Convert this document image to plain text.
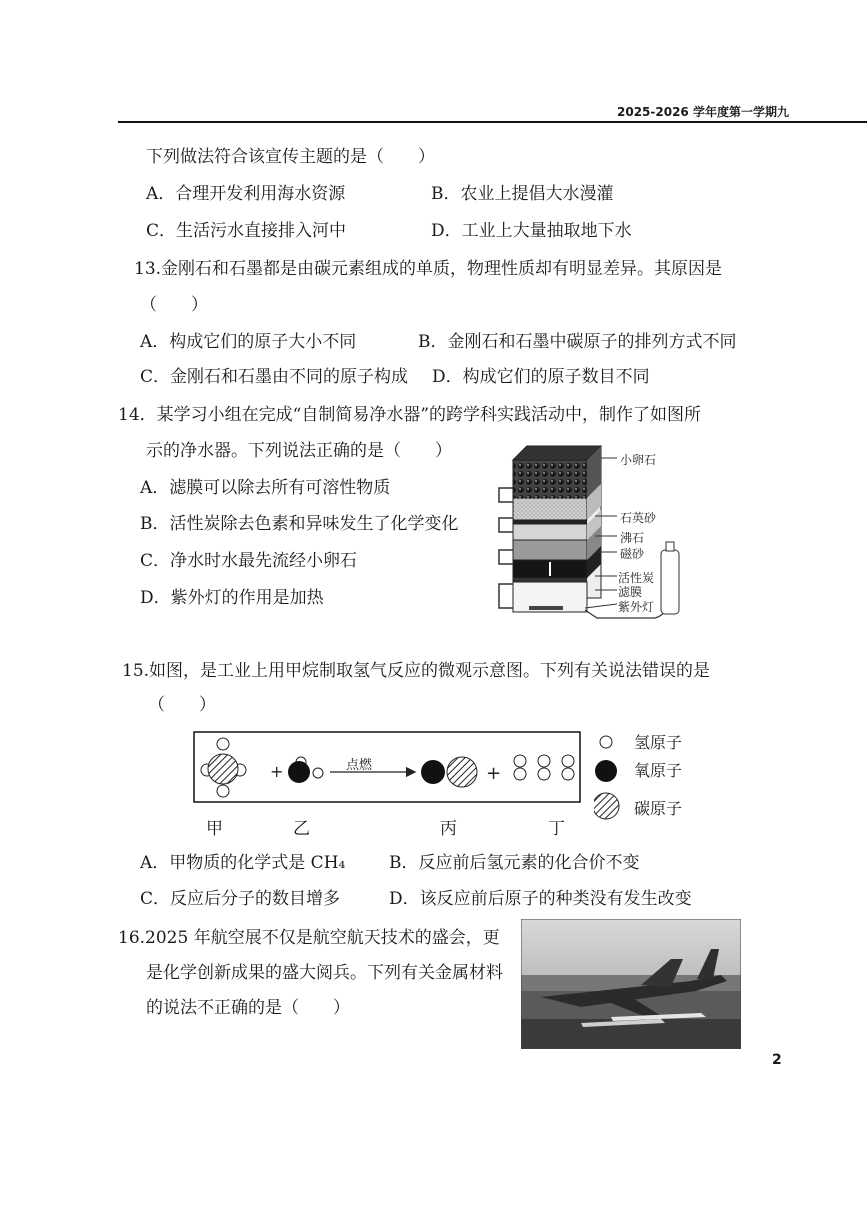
2025-2026 学年度第一学期九
下列做法符合该宣传主题的是（　　）
A．合理开发利用海水资源	B．农业上提倡大水漫灌
C．生活污水直接排入河中	D．工业上大量抽取地下水
13.金刚石和石墨都是由碳元素组成的单质，物理性质却有明显差异。其原因是
（　　）
A．构成它们的原子大小不同	B．金刚石和石墨中碳原子的排列方式不同
C．金刚石和石墨由不同的原子构成 D．构成它们的原子数目不同
14．某学习小组在完成“自制简易净水器”的跨学科实践活动中，制作了如图所
示的净水器。下列说法正确的是（　　）
A．滤膜可以除去所有可溶性物质
B．活性炭除去色素和异味发生了化学变化
C．净水时水最先流经小卵石
D．紫外灯的作用是加热
小卵石
石英砂
沸石
磁砂
活性炭
滤膜
紫外灯
15.如图，是工业上用甲烷制取氢气反应的微观示意图。下列有关说法错误的是
（　　）
+	+
点燃
甲	乙	丙	丁
氢原子
氧原子
碳原子
A．甲物质的化学式是 CH₄	B．反应前后氢元素的化合价不变
C．反应后分子的数目增多	D．该反应前后原子的种类没有发生改变
16.2025 年航空展不仅是航空航天技术的盛会，更
是化学创新成果的盛大阅兵。下列有关金属材料
的说法不正确的是（　　）
2
